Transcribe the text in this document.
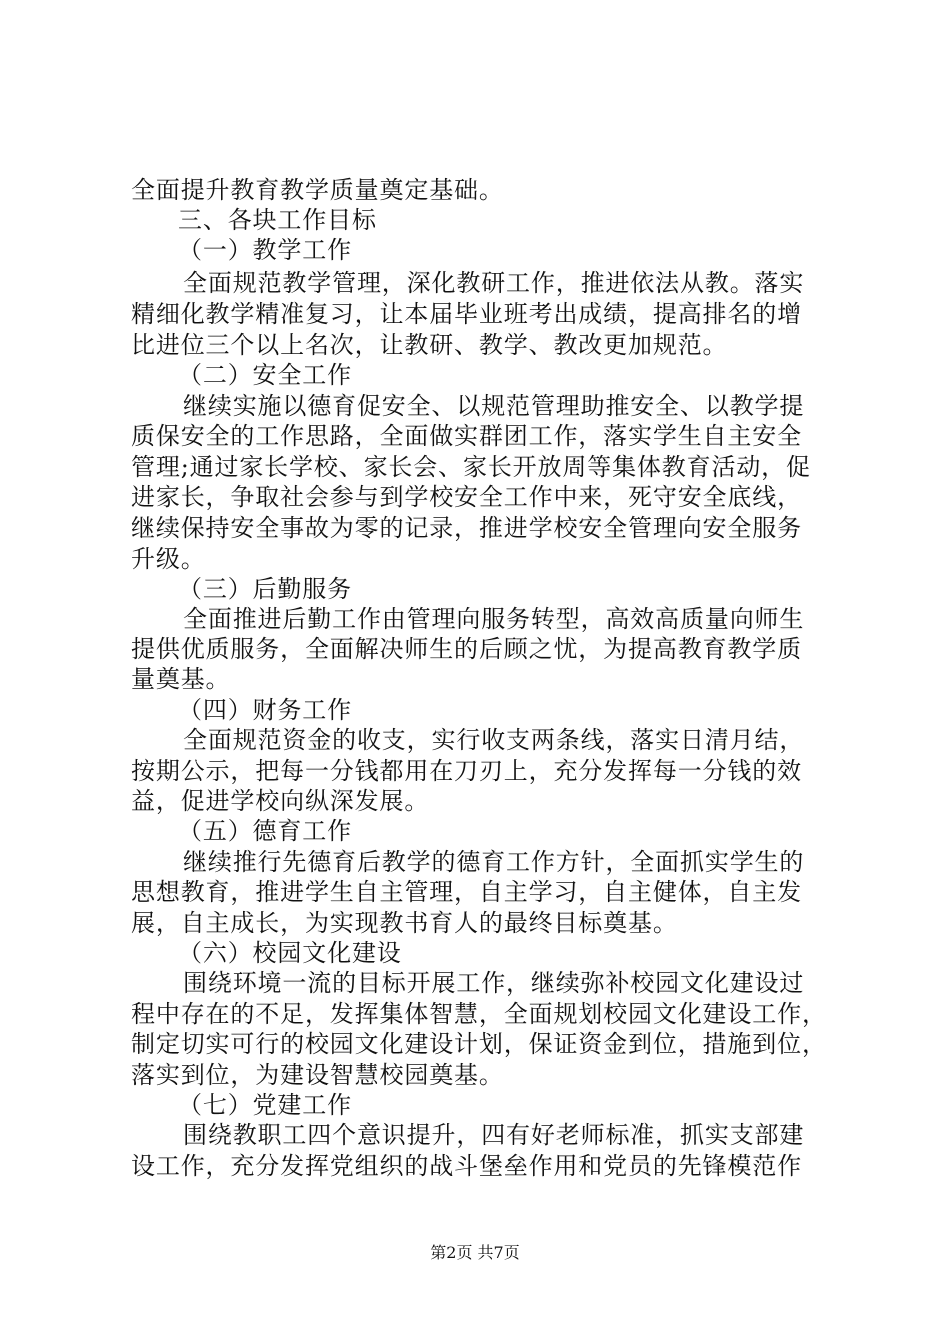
全面提升教育教学质量奠定基础。
三、各块工作目标
（一）教学工作
全面规范教学管理，深化教研工作，推进依法从教。落实
精细化教学精准复习，让本届毕业班考出成绩，提高排名的增
比进位三个以上名次，让教研、教学、教改更加规范。
（二）安全工作
继续实施以德育促安全、以规范管理助推安全、以教学提
质保安全的工作思路，全面做实群团工作，落实学生自主安全
管理;通过家长学校、家长会、家长开放周等集体教育活动，促
进家长，争取社会参与到学校安全工作中来，死守安全底线，
继续保持安全事故为零的记录，推进学校安全管理向安全服务
升级。
（三）后勤服务
全面推进后勤工作由管理向服务转型，高效高质量向师生
提供优质服务，全面解决师生的后顾之忧，为提高教育教学质
量奠基。
（四）财务工作
全面规范资金的收支，实行收支两条线，落实日清月结，
按期公示，把每一分钱都用在刀刃上，充分发挥每一分钱的效
益，促进学校向纵深发展。
（五）德育工作
继续推行先德育后教学的德育工作方针，全面抓实学生的
思想教育，推进学生自主管理，自主学习，自主健体，自主发
展，自主成长，为实现教书育人的最终目标奠基。
（六）校园文化建设
围绕环境一流的目标开展工作，继续弥补校园文化建设过
程中存在的不足，发挥集体智慧，全面规划校园文化建设工作，
制定切实可行的校园文化建设计划，保证资金到位，措施到位，
落实到位，为建设智慧校园奠基。
（七）党建工作
围绕教职工四个意识提升，四有好老师标准，抓实支部建
设工作，充分发挥党组织的战斗堡垒作用和党员的先锋模范作
第2页 共7页
